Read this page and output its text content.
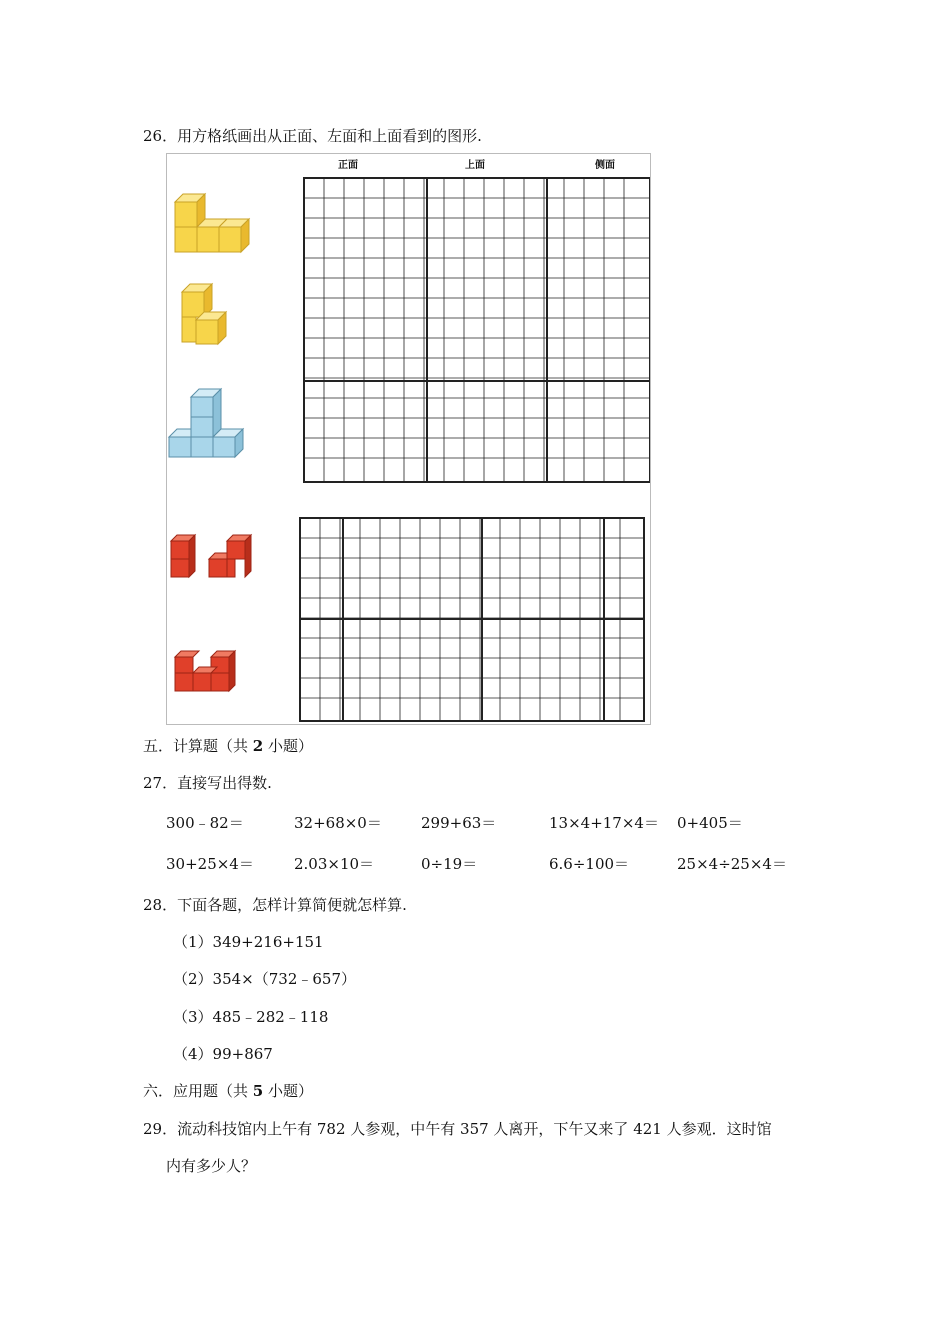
26．用方格纸画出从正面、左面和上面看到的图形.
正面	上面	侧面
五．计算题（共 2 小题）
27．直接写出得数.
300﹣82＝	32+68×0＝	299+63＝	13×4+17×4＝ 0+405＝
30+25×4＝	2.03×10＝	0÷19＝	6.6÷100＝	25×4÷25×4＝
28．下面各题，怎样计算简便就怎样算.
（1）349+216+151
（2）354×（732﹣657）
（3）485﹣282﹣118
（4）99+867
六．应用题（共 5 小题）
29．流动科技馆内上午有 782 人参观，中午有 357 人离开，下午又来了 421 人参观．这时馆
内有多少人？
